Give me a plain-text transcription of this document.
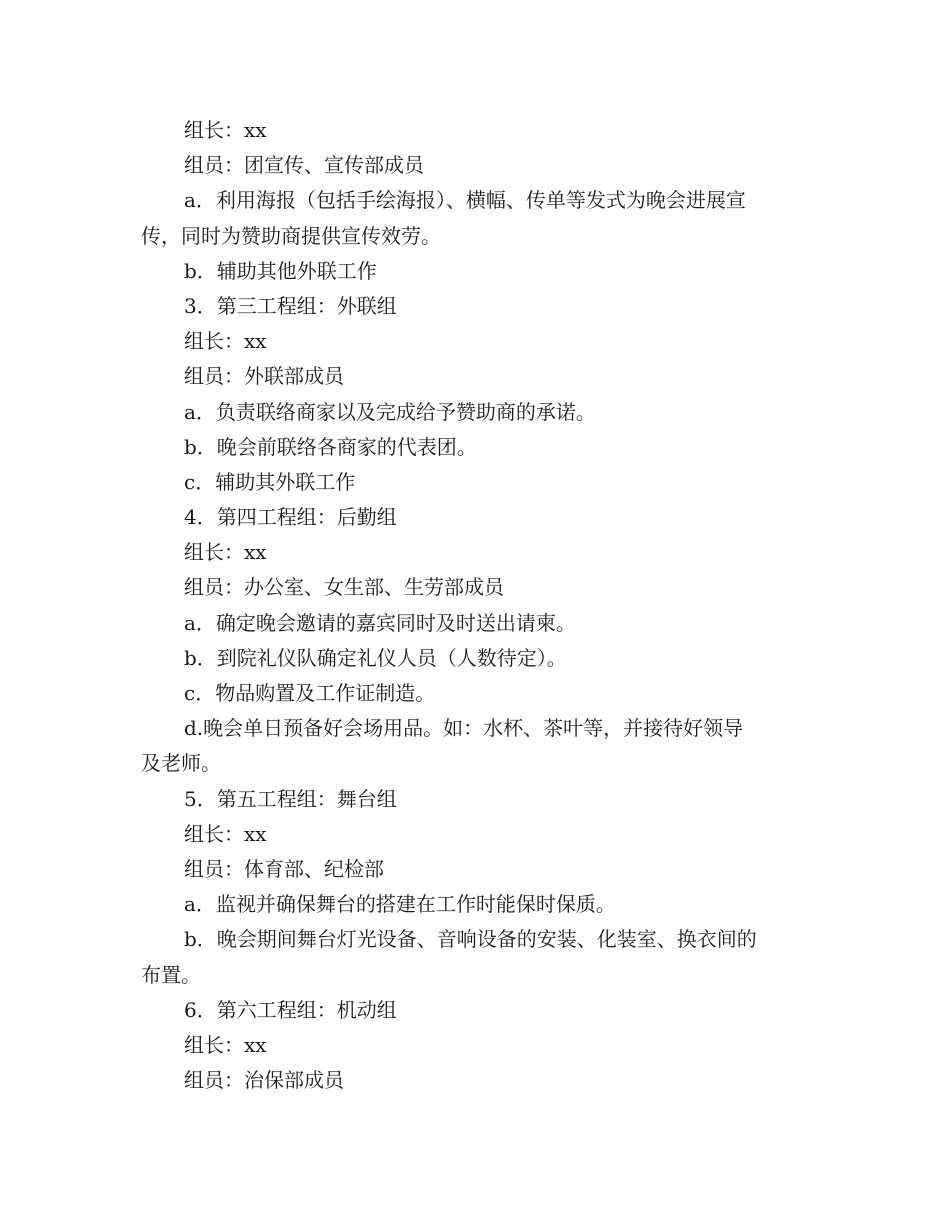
组长：xx
组员：团宣传、宣传部成员
a．利用海报（包括手绘海报）、横幅、传单等发式为晚会进展宣
传，同时为赞助商提供宣传效劳。
b．辅助其他外联工作
3．第三工程组：外联组
组长：xx
组员：外联部成员
a．负责联络商家以及完成给予赞助商的承诺。
b．晚会前联络各商家的代表团。
c．辅助其外联工作
4．第四工程组：后勤组
组长：xx
组员：办公室、女生部、生劳部成员
a．确定晚会邀请的嘉宾同时及时送出请柬。
b．到院礼仪队确定礼仪人员（人数待定）。
c．物品购置及工作证制造。
d.晚会单日预备好会场用品。如：水杯、茶叶等，并接待好领导
及老师。
5．第五工程组：舞台组
组长：xx
组员：体育部、纪检部
a．监视并确保舞台的搭建在工作时能保时保质。
b．晚会期间舞台灯光设备、音响设备的安装、化装室、换衣间的
布置。
6．第六工程组：机动组
组长：xx
组员：治保部成员
